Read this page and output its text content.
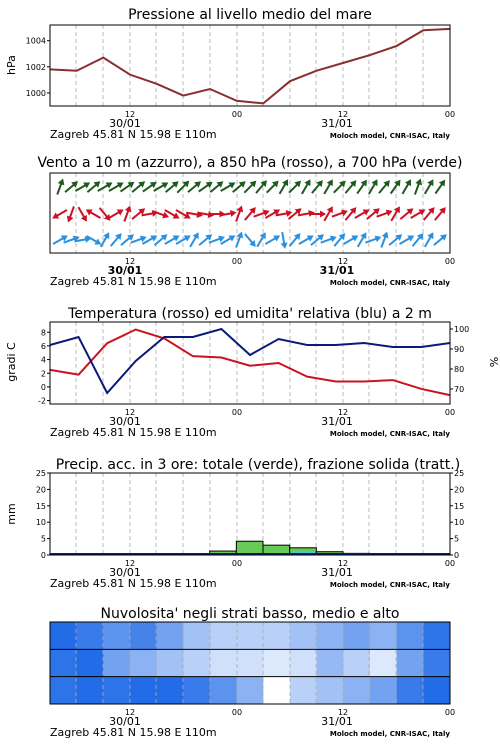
Pressione al livello medio del mare
12	00	12	00
30/01	31/01
Zagreb 45.81 N 15.98 E 110m	Moloch model, CNR-ISAC, Italy
1000
1002
1004
hPa
Vento a 10 m (azzurro), a 850 hPa (rosso), a 700 hPa (verde)
12	00	12	00
30/01	31/01
Zagreb 45.81 N 15.98 E 110m	Moloch model, CNR-ISAC, Italy
Temperatura (rosso) ed umidita' relativa (blu) a 2 m
12	00	12	00
30/01	31/01
Zagreb 45.81 N 15.98 E 110m	Moloch model, CNR-ISAC, Italy
-2
0
2
4
6
8
70
80
90
100
gradi C	%
Precip. acc. in 3 ore: totale (verde), frazione solida (tratt.)
12	00	12	00
30/01	31/01
Zagreb 45.81 N 15.98 E 110m	Moloch model, CNR-ISAC, Italy
0	0
5	5
10	10
15	15
20	20
25	25
mm
Nuvolosita' negli strati basso, medio e alto
12	00	12	00
30/01	31/01
Zagreb 45.81 N 15.98 E 110m	Moloch model, CNR-ISAC, Italy
